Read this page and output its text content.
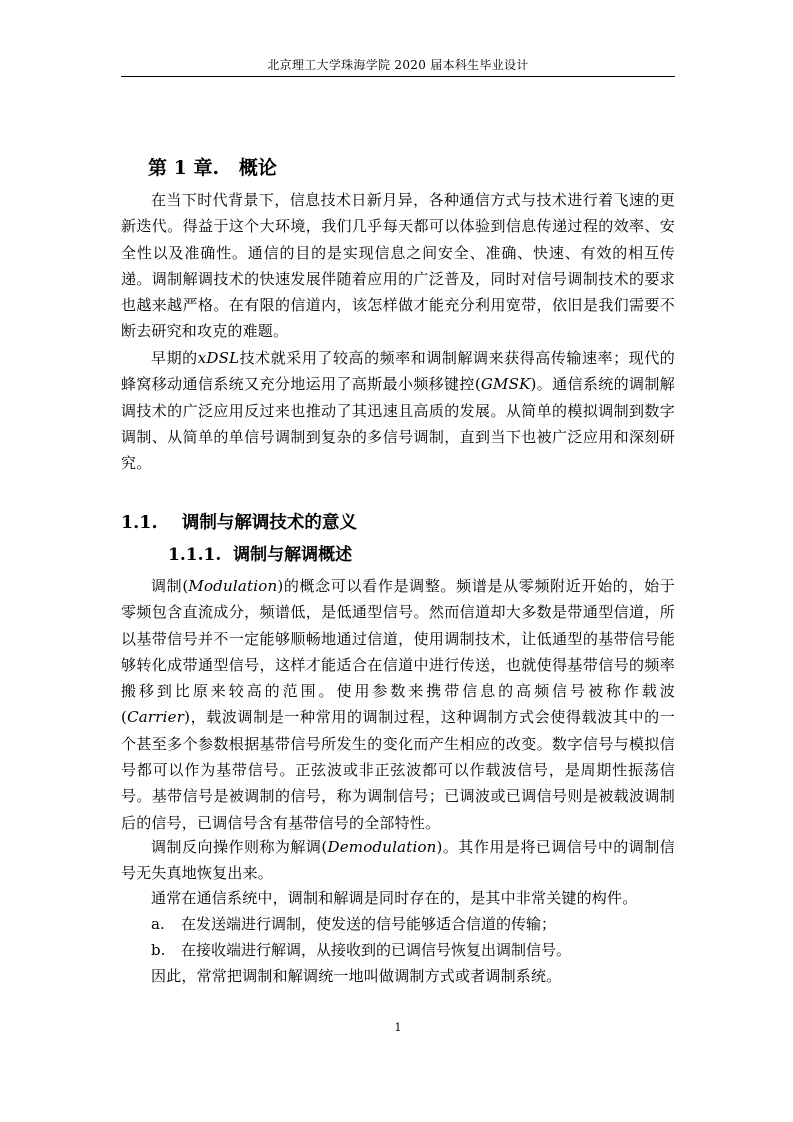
北京理工大学珠海学院 2020 届本科生毕业设计
第 1 章.   概论

在当下时代背景下，信息技术日新月异，各种通信方式与技术进行着飞速的更新迭代。得益于这个大环境，我们几乎每天都可以体验到信息传递过程的效率、安全性以及准确性。通信的目的是实现信息之间安全、准确、快速、有效的相互传递。调制解调技术的快速发展伴随着应用的广泛普及，同时对信号调制技术的要求也越来越严格。在有限的信道内，该怎样做才能充分利用宽带，依旧是我们需要不断去研究和攻克的难题。

早期的xDSL技术就采用了较高的频率和调制解调来获得高传输速率；现代的蜂窝移动通信系统又充分地运用了高斯最小频移键控(GMSK)。通信系统的调制解调技术的广泛应用反过来也推动了其迅速且高质的发展。从简单的模拟调制到数字调制、从简单的单信号调制到复杂的多信号调制，直到当下也被广泛应用和深刻研究。

1.1.    调制与解调技术的意义
1.1.1.  调制与解调概述

调制(Modulation)的概念可以看作是调整。频谱是从零频附近开始的，始于零频包含直流成分，频谱低，是低通型信号。然而信道却大多数是带通型信道，所以基带信号并不一定能够顺畅地通过信道，使用调制技术，让低通型的基带信号能够转化成带通型信号，这样才能适合在信道中进行传送，也就使得基带信号的频率搬移到比原来较高的范围。使用参数来携带信息的高频信号被称作载波(Carrier)，载波调制是一种常用的调制过程，这种调制方式会使得载波其中的一个甚至多个参数根据基带信号所发生的变化而产生相应的改变。数字信号与模拟信号都可以作为基带信号。正弦波或非正弦波都可以作载波信号，是周期性振荡信号。基带信号是被调制的信号，称为调制信号；已调波或已调信号则是被载波调制后的信号，已调信号含有基带信号的全部特性。

调制反向操作则称为解调(Demodulation)。其作用是将已调信号中的调制信号无失真地恢复出来。

通常在通信系统中，调制和解调是同时存在的，是其中非常关键的构件。

a. 在发送端进行调制，使发送的信号能够适合信道的传输；
b. 在接收端进行解调，从接收到的已调信号恢复出调制信号。

因此，常常把调制和解调统一地叫做调制方式或者调制系统。

1
